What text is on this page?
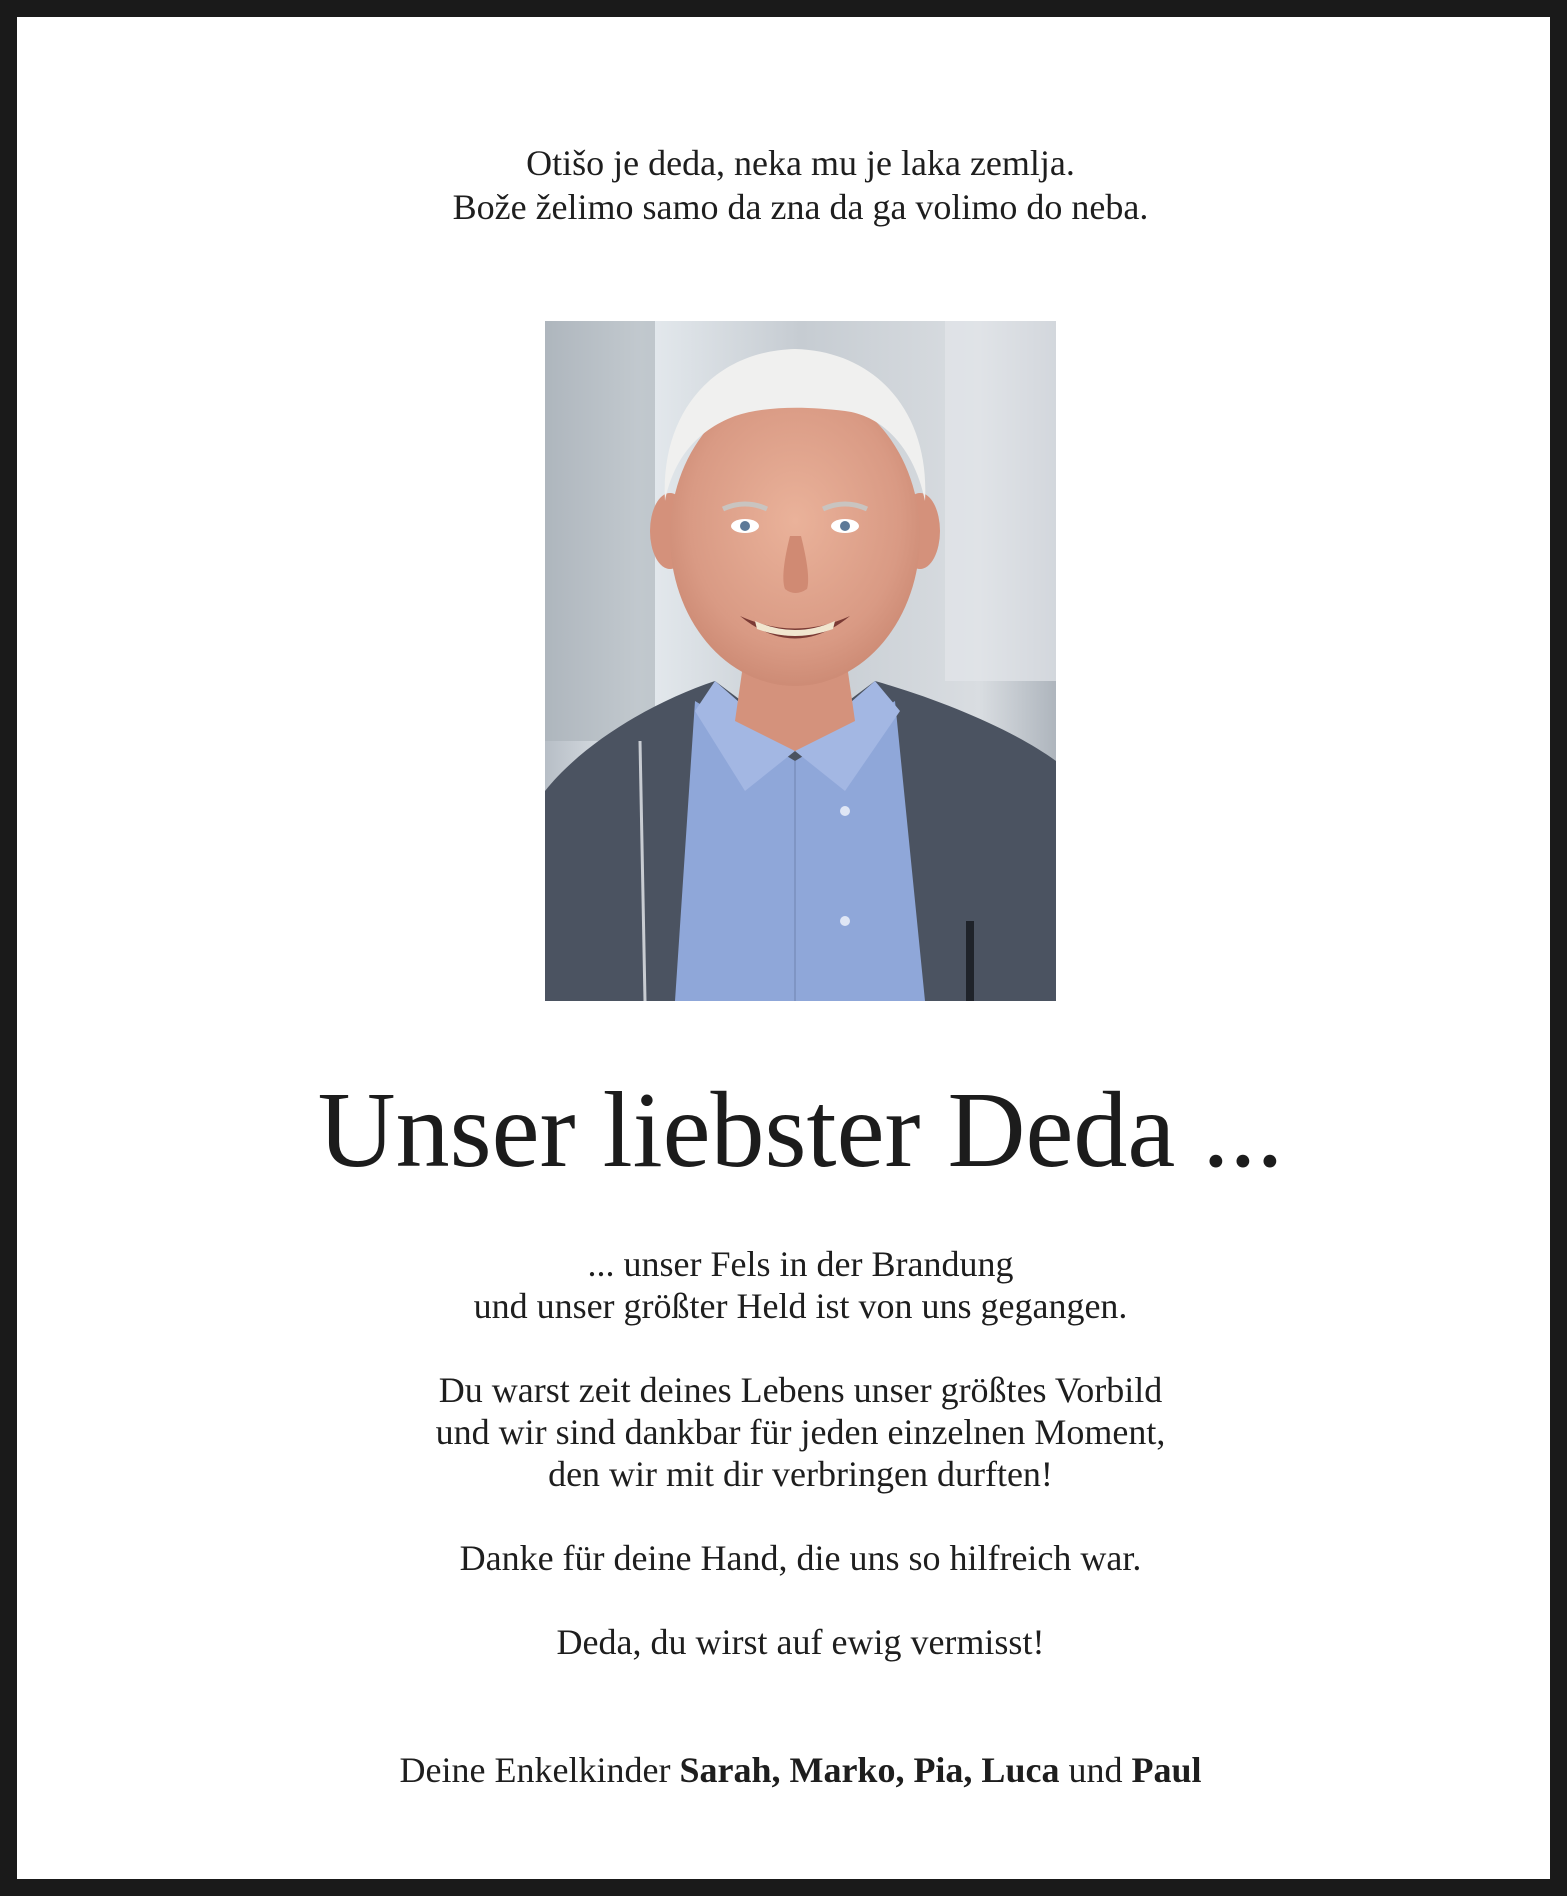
Otišo je deda, neka mu je laka zemlja.
Bože želimo samo da zna da ga volimo do neba.
Unser liebster Deda ...
... unser Fels in der Brandung
und unser größter Held ist von uns gegangen.
Du warst zeit deines Lebens unser größtes Vorbild
und wir sind dankbar für jeden einzelnen Moment,
den wir mit dir verbringen durften!
Danke für deine Hand, die uns so hilfreich war.
Deda, du wirst auf ewig vermisst!
Deine Enkelkinder Sarah, Marko, Pia, Luca und Paul
